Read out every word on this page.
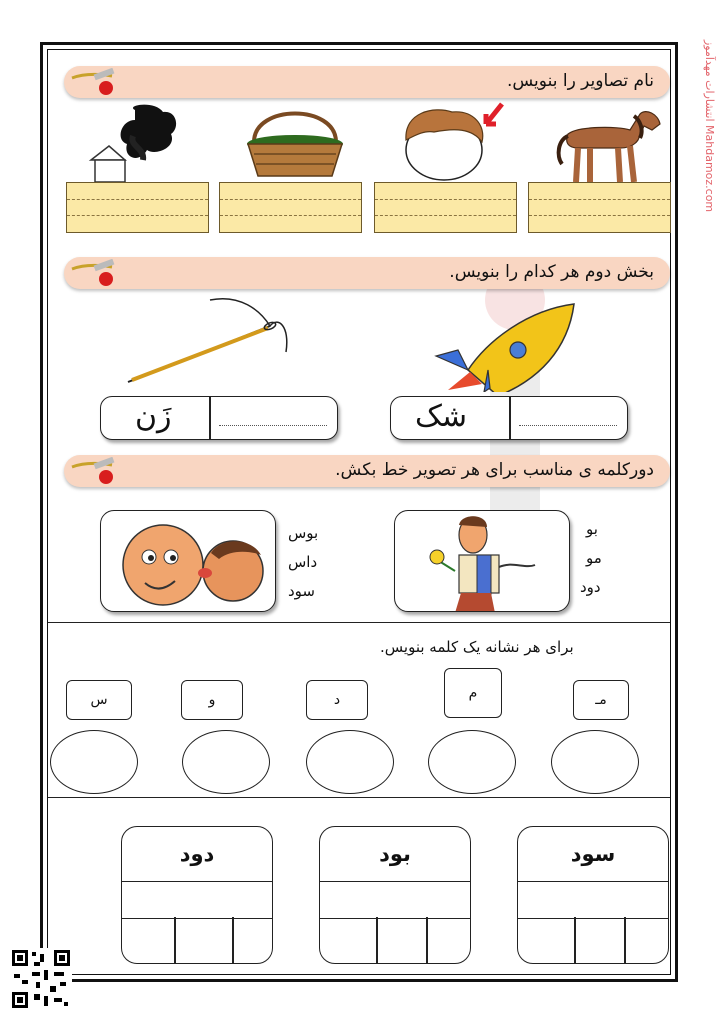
انتشارات مهدآموز Mahdamoz.com
نام تصاویر را بنویس.
بخش دوم هر کدام را بنویس.
زَن	شک
دورکلمه ی مناسب برای هر تصویر خط بکش.
بوس
داس
سود
بو
مو
دود
برای هر نشانه یک کلمه بنویس.
مـ
م
د
و
س
سود
بود
دود
